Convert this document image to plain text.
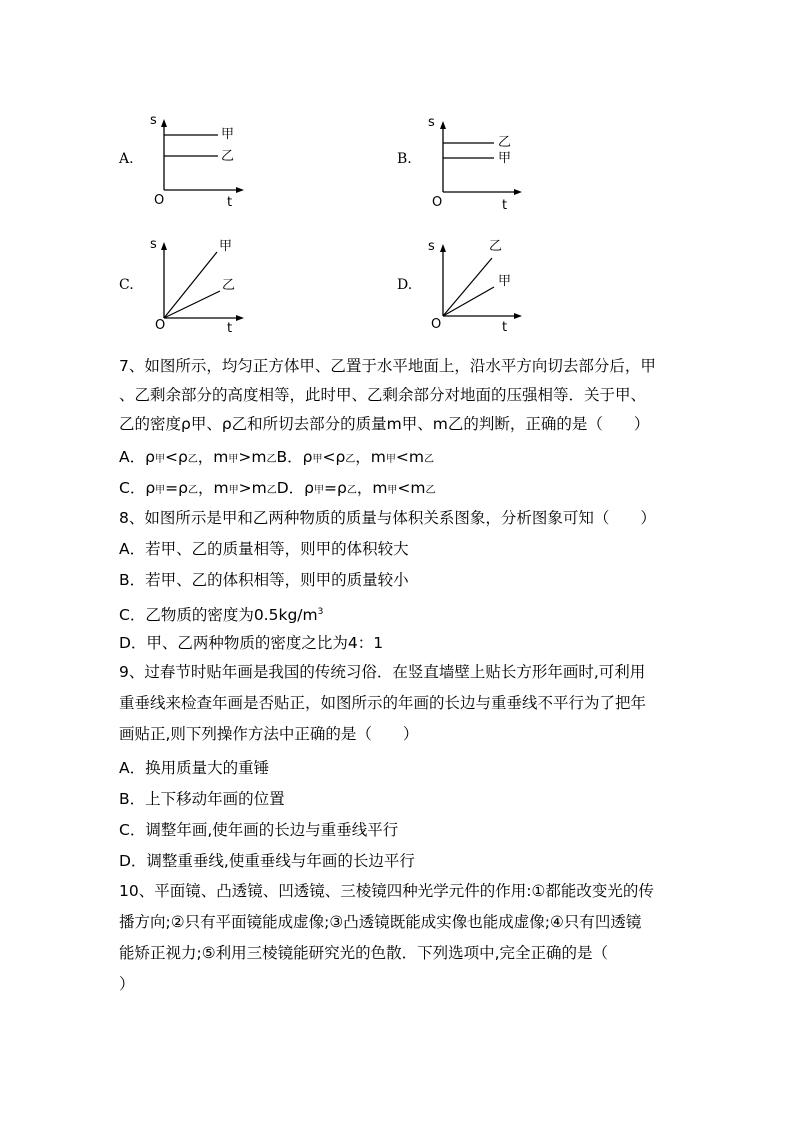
A.
s
甲
乙
O	t
B.
s
乙
甲
O	t
C.
s	甲
乙
O	t
D.
s	乙
甲
O	t
7、如图所示，均匀正方体甲、乙置于水平地面上，沿水平方向切去部分后，甲
、乙剩余部分的高度相等，此时甲、乙剩余部分对地面的压强相等．关于甲、
乙的密度ρ甲、ρ乙和所切去部分的质量m甲、m乙的判断，正确的是（　　）
A．ρ甲<ρ乙，m甲>m乙B．ρ甲<ρ乙，m甲<m乙
C．ρ甲=ρ乙，m甲>m乙D．ρ甲=ρ乙，m甲<m乙
8、如图所示是甲和乙两种物质的质量与体积关系图象，分析图象可知（　　）
A．若甲、乙的质量相等，则甲的体积较大
B．若甲、乙的体积相等，则甲的质量较小
C．乙物质的密度为$0.5kg/m^3$
D．甲、乙两种物质的密度之比为4：1
9、过春节时贴年画是我国的传统习俗．在竖直墙壁上贴长方形年画时,可利用
重垂线来检查年画是否贴正，如图所示的年画的长边与重垂线不平行为了把年
画贴正,则下列操作方法中正确的是（　　）
A．换用质量大的重锤
B．上下移动年画的位置
C．调整年画,使年画的长边与重垂线平行
D．调整重垂线,使重垂线与年画的长边平行
10、平面镜、凸透镜、凹透镜、三棱镜四种光学元件的作用:①都能改变光的传
播方向;②只有平面镜能成虚像;③凸透镜既能成实像也能成虚像;④只有凹透镜
能矫正视力;⑤利用三棱镜能研究光的色散．下列选项中,完全正确的是（
）
